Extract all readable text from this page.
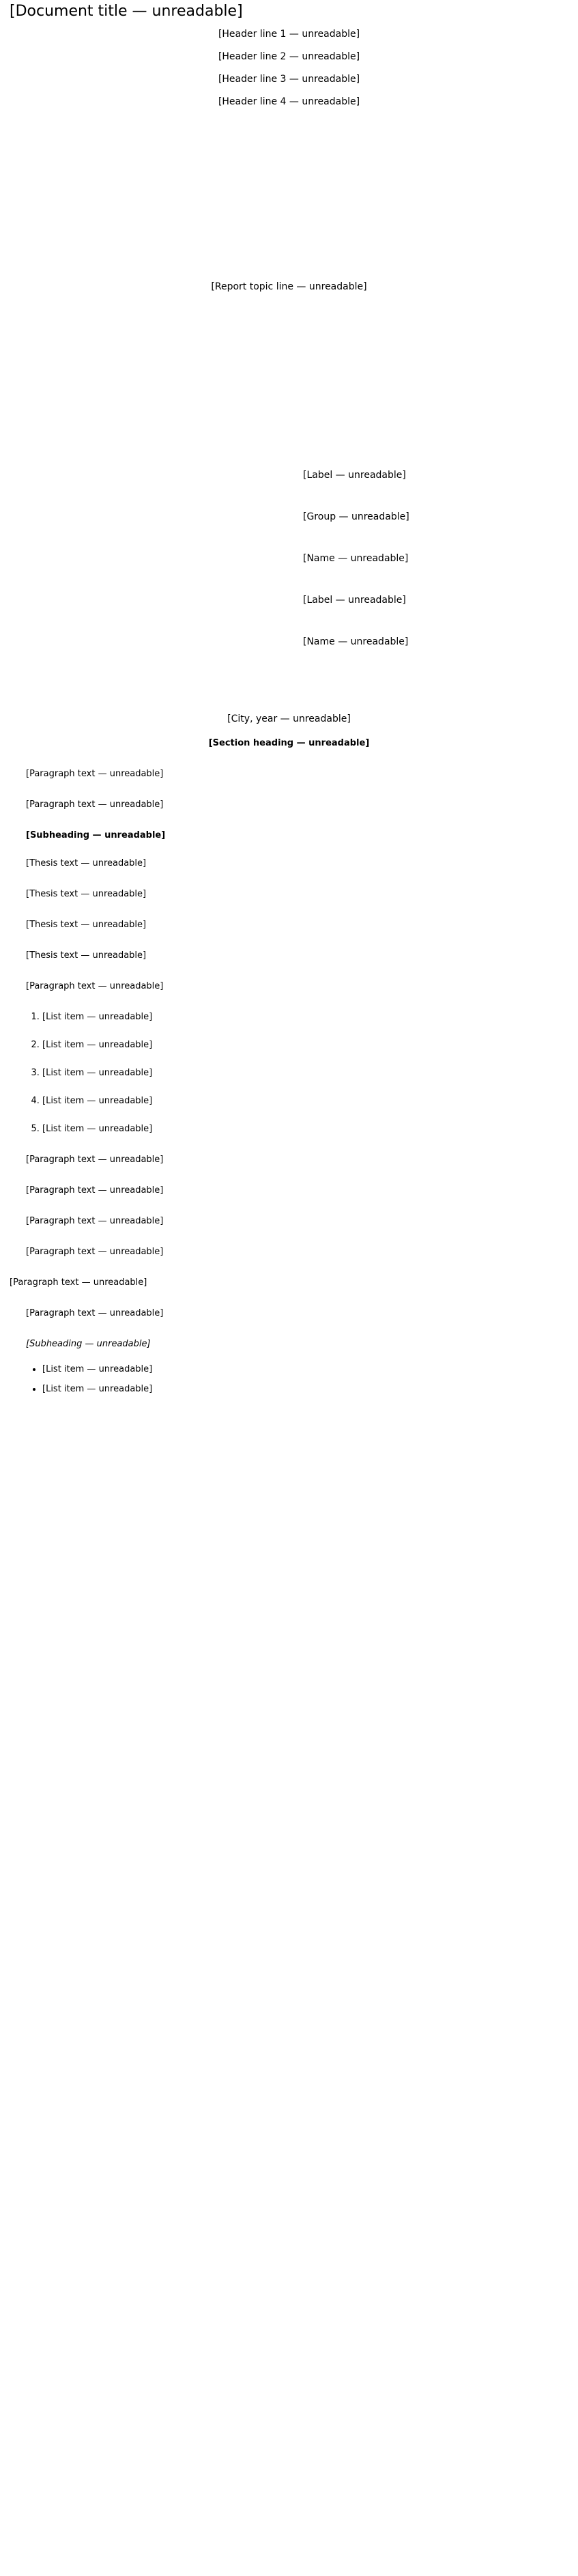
[Document title — unreadable]

[Header line 1 — unreadable]

[Header line 2 — unreadable]

[Header line 3 — unreadable]

[Header line 4 — unreadable]

[Report topic line — unreadable]

[Label — unreadable]

[Group — unreadable]

[Name — unreadable]

[Label — unreadable]

[Name — unreadable]

[City, year — unreadable]

[Section heading — unreadable]

[Paragraph text — unreadable]

[Paragraph text — unreadable]

[Subheading — unreadable]

[Thesis text — unreadable]

[Thesis text — unreadable]

[Thesis text — unreadable]

[Thesis text — unreadable]

[Paragraph text — unreadable]

1. [List item — unreadable]
2. [List item — unreadable]
3. [List item — unreadable]
4. [List item — unreadable]
5. [List item — unreadable]

[Paragraph text — unreadable]

[Paragraph text — unreadable]

[Paragraph text — unreadable]

[Paragraph text — unreadable]

[Paragraph text — unreadable]

[Paragraph text — unreadable]

[Subheading — unreadable]

• [List item — unreadable]
• [List item — unreadable]
